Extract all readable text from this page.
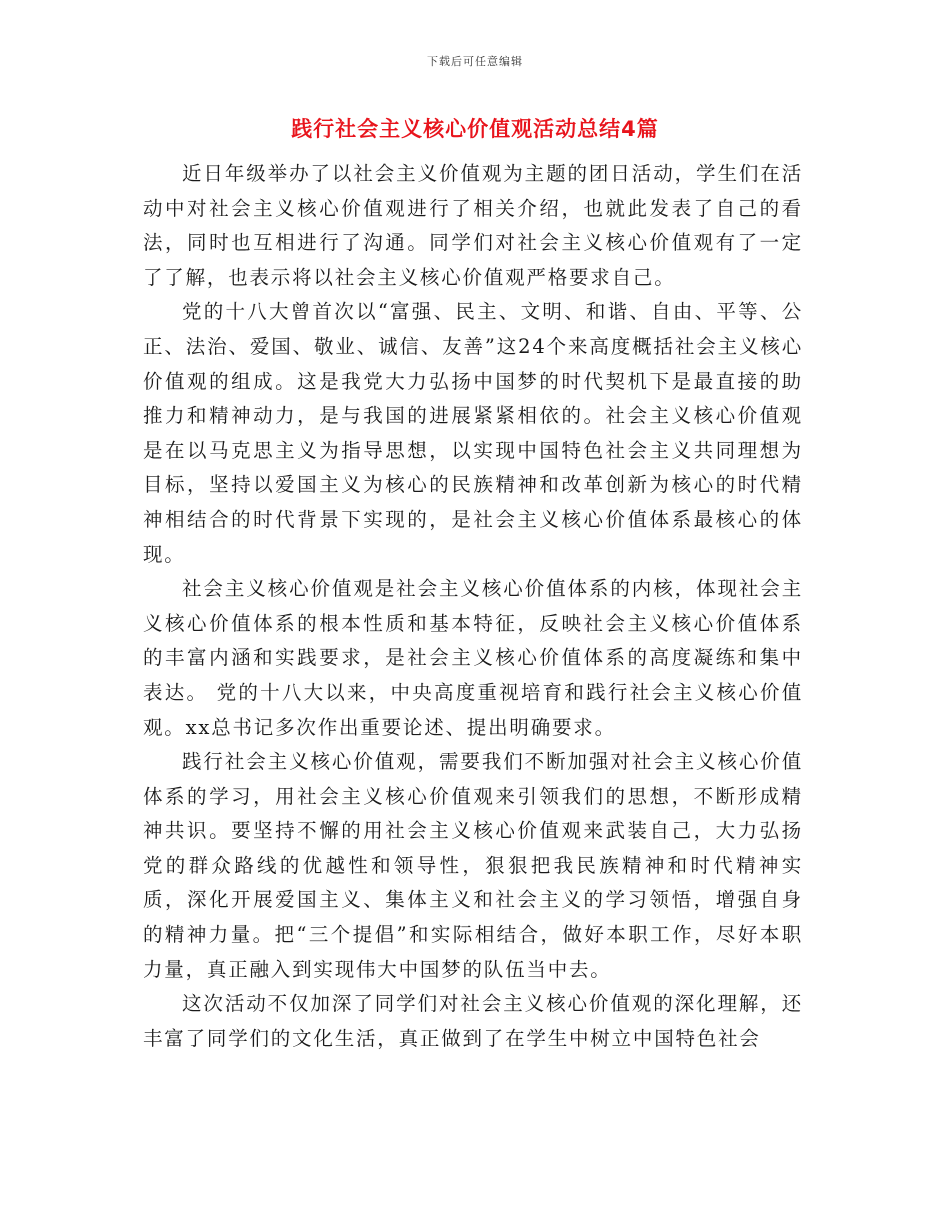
下载后可任意编辑
践行社会主义核心价值观活动总结4篇

近日年级举办了以社会主义价值观为主题的团日活动，学生们在活动中对社会主义核心价值观进行了相关介绍，也就此发表了自己的看法，同时也互相进行了沟通。同学们对社会主义核心价值观有了一定了了解，也表示将以社会主义核心价值观严格要求自己。

党的十八大曾首次以“富强、民主、文明、和谐、自由、平等、公正、法治、爱国、敬业、诚信、友善”这24个来高度概括社会主义核心价值观的组成。这是我党大力弘扬中国梦的时代契机下是最直接的助推力和精神动力，是与我国的进展紧紧相依的。社会主义核心价值观是在以马克思主义为指导思想，以实现中国特色社会主义共同理想为目标，坚持以爱国主义为核心的民族精神和改革创新为核心的时代精神相结合的时代背景下实现的，是社会主义核心价值体系最核心的体现。

社会主义核心价值观是社会主义核心价值体系的内核，体现社会主义核心价值体系的根本性质和基本特征，反映社会主义核心价值体系的丰富内涵和实践要求，是社会主义核心价值体系的高度凝练和集中表达。 党的十八大以来，中央高度重视培育和践行社会主义核心价值观。xx总书记多次作出重要论述、提出明确要求。

践行社会主义核心价值观，需要我们不断加强对社会主义核心价值体系的学习，用社会主义核心价值观来引领我们的思想，不断形成精神共识。要坚持不懈的用社会主义核心价值观来武装自己，大力弘扬党的群众路线的优越性和领导性，狠狠把我民族精神和时代精神实质，深化开展爱国主义、集体主义和社会主义的学习领悟，增强自身的精神力量。把“三个提倡”和实际相结合，做好本职工作，尽好本职力量，真正融入到实现伟大中国梦的队伍当中去。

这次活动不仅加深了同学们对社会主义核心价值观的深化理解，还丰富了同学们的文化生活，真正做到了在学生中树立中国特色社会
